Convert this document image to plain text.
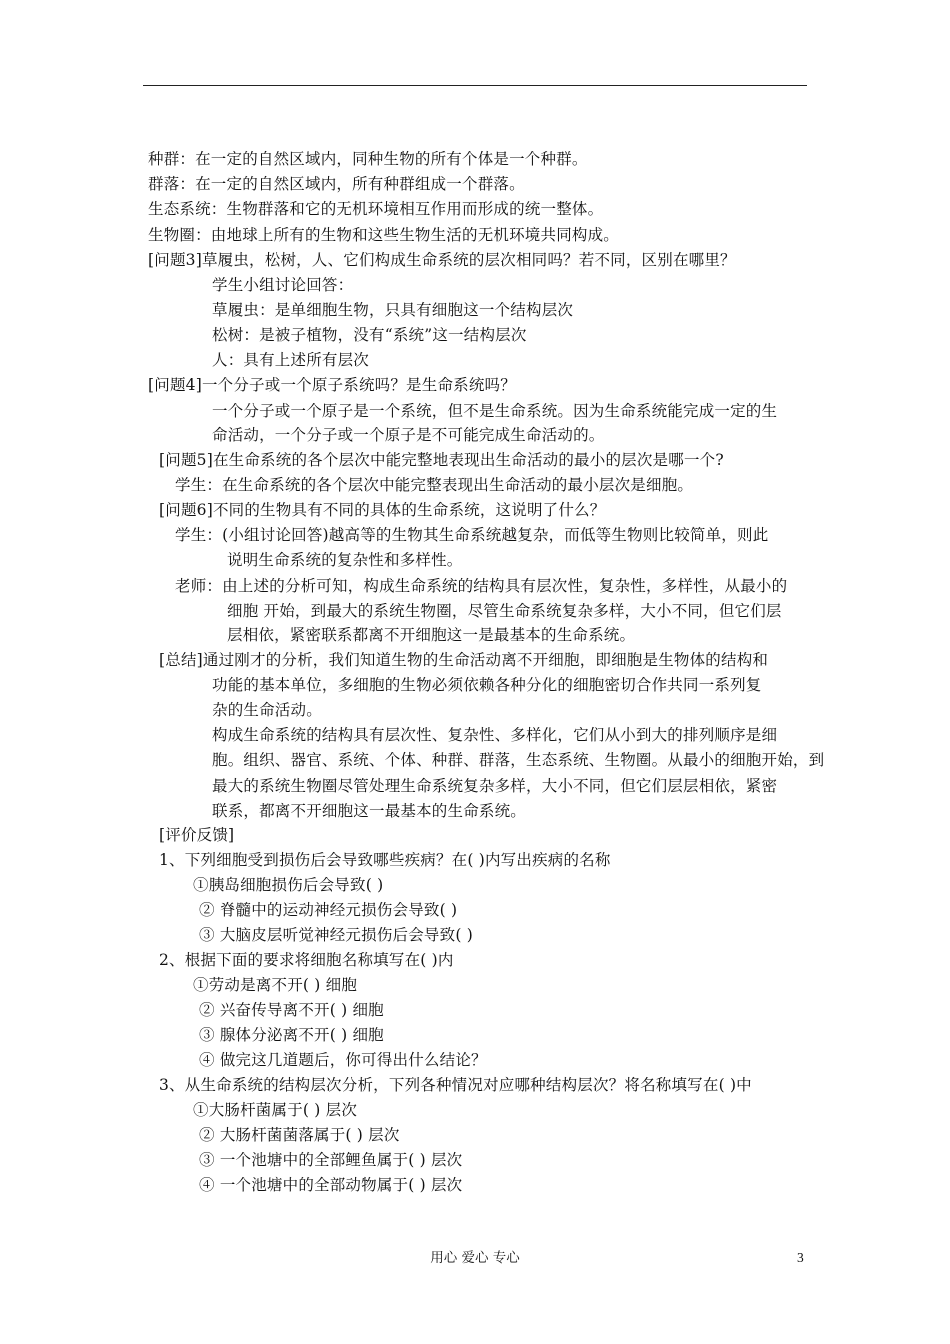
种群：在一定的自然区域内，同种生物的所有个体是一个种群。
群落：在一定的自然区域内，所有种群组成一个群落。
生态系统：生物群落和它的无机环境相互作用而形成的统一整体。
生物圈：由地球上所有的生物和这些生物生活的无机环境共同构成。
[问题3]草履虫，松树，人、它们构成生命系统的层次相同吗？若不同，区别在哪里？
学生小组讨论回答：
草履虫：是单细胞生物，只具有细胞这一个结构层次
松树：是被子植物，没有“系统”这一结构层次
人：具有上述所有层次
[问题4]一个分子或一个原子系统吗？是生命系统吗？
一个分子或一个原子是一个系统，但不是生命系统。因为生命系统能完成一定的生
命活动，一个分子或一个原子是不可能完成生命活动的。
[问题5]在生命系统的各个层次中能完整地表现出生命活动的最小的层次是哪一个?
学生：在生命系统的各个层次中能完整表现出生命活动的最小层次是细胞。
[问题6]不同的生物具有不同的具体的生命系统，这说明了什么？
学生：(小组讨论回答)越高等的生物其生命系统越复杂，而低等生物则比较简单，则此
说明生命系统的复杂性和多样性。
老师：由上述的分析可知，构成生命系统的结构具有层次性，复杂性，多样性，从最小的
细胞 开始，到最大的系统生物圈，尽管生命系统复杂多样，大小不同，但它们层
层相依，紧密联系都离不开细胞这一是最基本的生命系统。
[总结]通过刚才的分析，我们知道生物的生命活动离不开细胞，即细胞是生物体的结构和
功能的基本单位，多细胞的生物必须依赖各种分化的细胞密切合作共同一系列复
杂的生命活动。
构成生命系统的结构具有层次性、复杂性、多样化，它们从小到大的排列顺序是细
胞。组织、器官、系统、个体、种群、群落，生态系统、生物圈。从最小的细胞开始，到
最大的系统生物圈尽管处理生命系统复杂多样，大小不同，但它们层层相依，紧密
联系，都离不开细胞这一最基本的生命系统。
[评价反馈]
1、下列细胞受到损伤后会导致哪些疾病？在( )内写出疾病的名称
①胰岛细胞损伤后会导致( )
② 脊髓中的运动神经元损伤会导致( )
③ 大脑皮层听觉神经元损伤后会导致( )
2、根据下面的要求将细胞名称填写在( )内
①劳动是离不开( ) 细胞
② 兴奋传导离不开( ) 细胞
③ 腺体分泌离不开( ) 细胞
④ 做完这几道题后，你可得出什么结论？
3、从生命系统的结构层次分析，下列各种情况对应哪种结构层次？将名称填写在( )中
①大肠杆菌属于( ) 层次
② 大肠杆菌菌落属于( ) 层次
③ 一个池塘中的全部鲤鱼属于( ) 层次
④ 一个池塘中的全部动物属于( ) 层次
用心 爱心 专心	3
